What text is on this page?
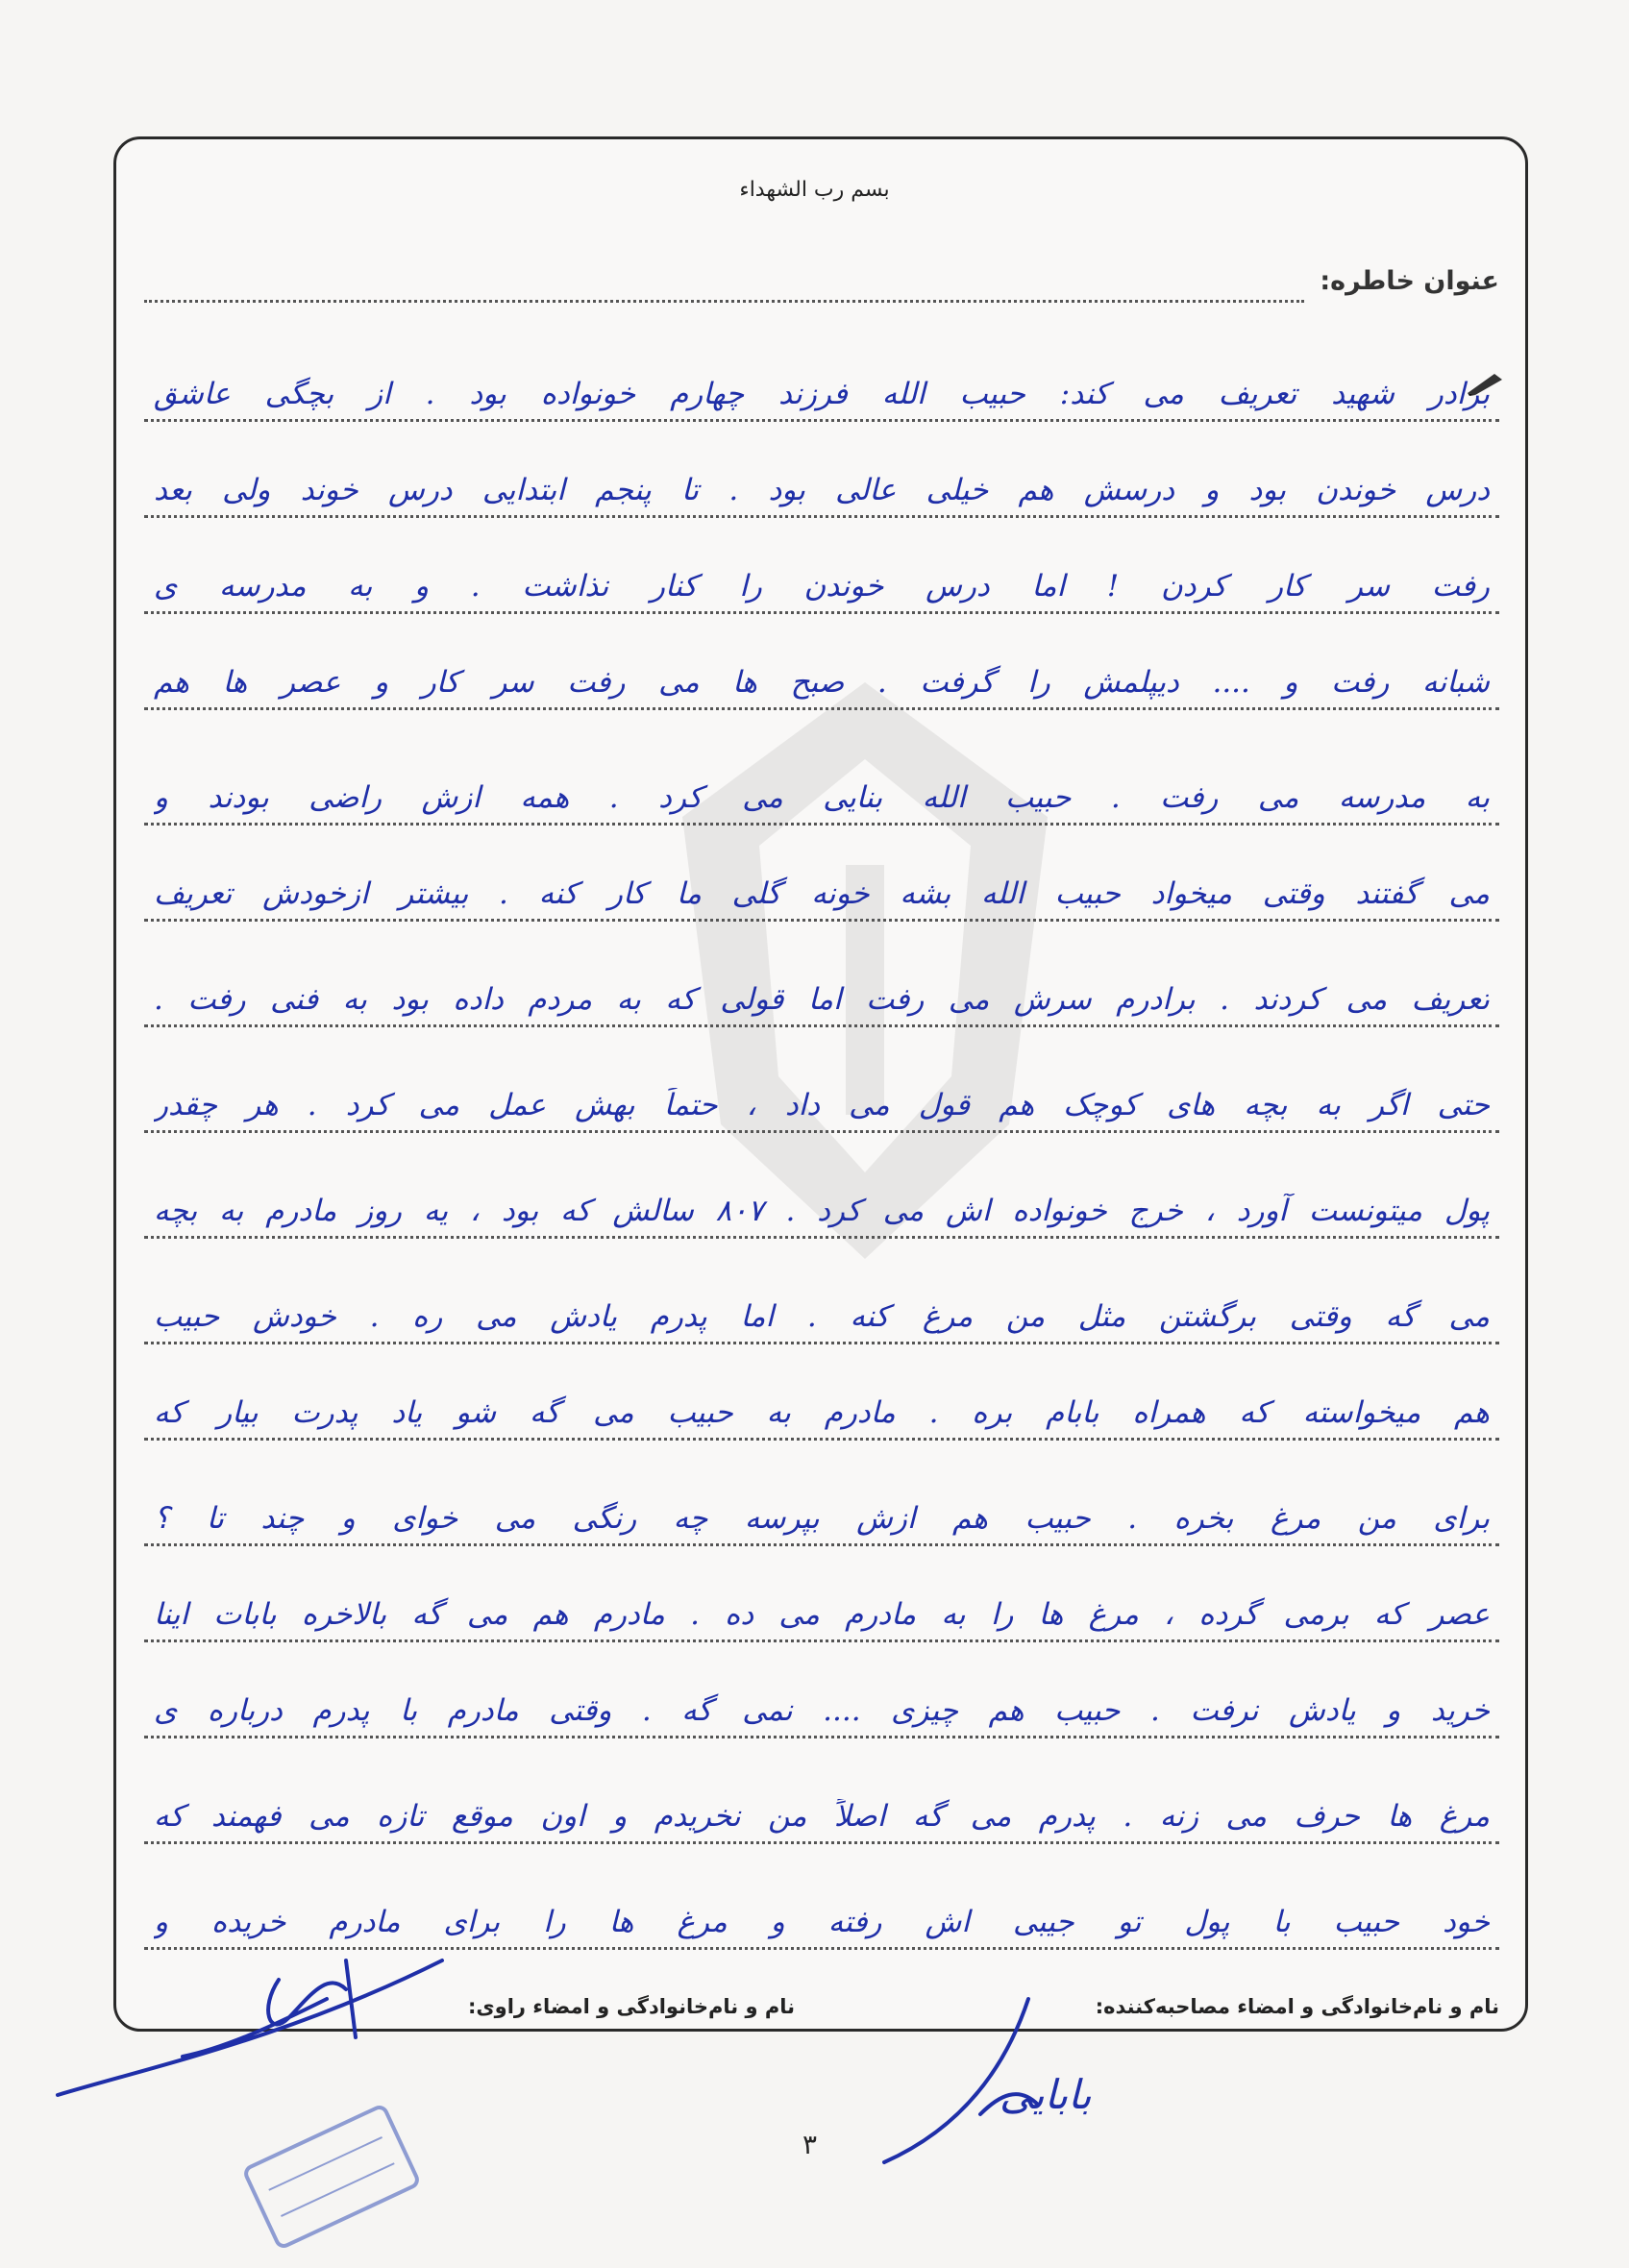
بسم رب الشهداء
عنوان خاطره:
برادر شهید تعریف می کند: حبیب الله فرزند چهارم خونواده بود . از بچگی عاشق
درس خوندن بود و درسش هم خیلی عالی بود . تا پنجم ابتدایی درس خوند ولی بعد
رفت سر کار کردن ! اما درس خوندن را کنار نذاشت . و به مدرسه ی
شبانه رفت و .... دیپلمش را گرفت . صبح ها می رفت سر کار و عصر ها هم
به مدرسه می رفت . حبیب الله بنایی می کرد . همه ازش راضی بودند و
می گفتند وقتی میخواد حبیب الله بشه خونه گلی ما کار کنه . بیشتر ازخودش تعریف
تعریف می کردند . برادرم سرش می رفت اما قولی که به مردم داده بود به فنی رفت .
حتی اگر به بچه های کوچک هم قول می داد ، حتماً بهش عمل می کرد . هر چقدر
پول میتونست آورد ، خرج خونواده اش می کرد . ۸۰۷ سالش که بود ، یه روز مادرم به بچه
می گه وقتی برگشتن مثل من مرغ کنه . اما پدرم یادش می ره . خودش حبیب
هم میخواسته که همراه بابام بره . مادرم به حبیب می گه شو یاد پدرت بیار که
برای من مرغ بخره . حبیب هم ازش بپرسه چه رنگی می خوای و چند تا ؟
عصر که برمی گرده ، مرغ ها را به مادرم می ده . مادرم هم می گه بالاخره بابات اینا
خرید و یادش نرفت . حبیب هم چیزی .... نمی گه . وقتی مادرم با پدرم درباره ی
مرغ ها حرف می زنه . پدرم می گه اصلاً من نخریدم و اون موقع تازه می فهمند که
خود حبیب با پول تو جیبی اش رفته و مرغ ها را برای مادرم خریده و
نام و نام‌خانوادگی و امضاء مصاحبه‌کننده:
نام و نام‌خانوادگی و امضاء راوی:
بابایی
۳
